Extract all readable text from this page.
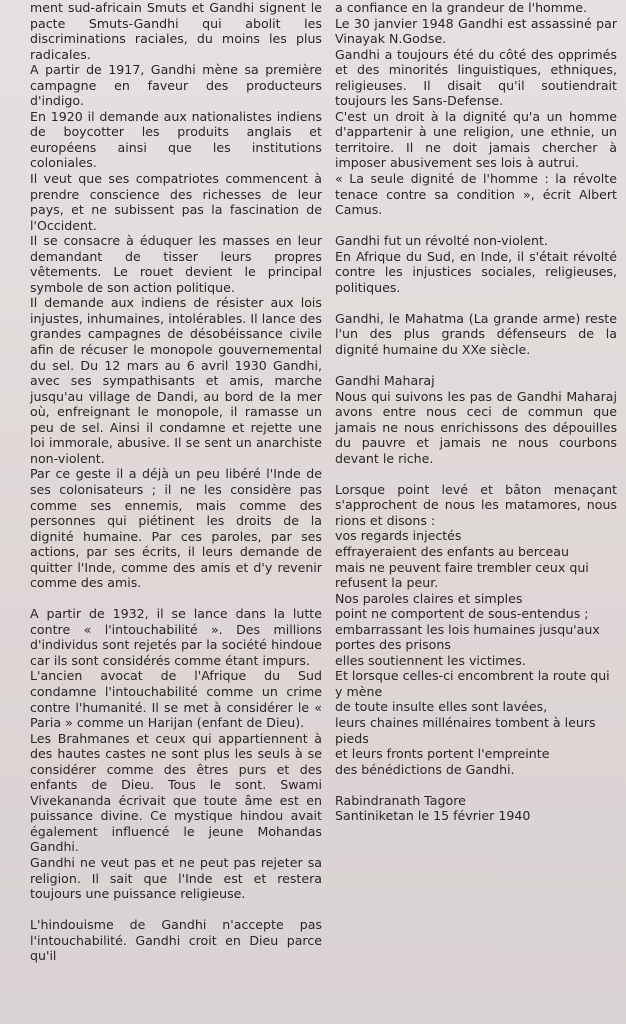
ment sud-africain Smuts et Gandhi signent le pacte Smuts-Gandhi qui abolit les discriminations raciales, du moins les plus radicales.

A partir de 1917, Gandhi mène sa première campagne en faveur des producteurs d'indigo.

En 1920 il demande aux nationalistes indiens de boycotter les produits anglais et européens ainsi que les institutions coloniales.

Il veut que ses compatriotes commencent à prendre conscience des richesses de leur pays, et ne subissent pas la fascination de l'Occident.

Il se consacre à éduquer les masses en leur demandant de tisser leurs propres vêtements. Le rouet devient le principal symbole de son action politique.

Il demande aux indiens de résister aux lois injustes, inhumaines, intolérables. Il lance des grandes campagnes de désobéissance civile afin de récuser le monopole gouvernemental du sel. Du 12 mars au 6 avril 1930 Gandhi, avec ses sympathisants et amis, marche jusqu'au village de Dandi, au bord de la mer où, enfreignant le monopole, il ramasse un peu de sel. Ainsi il condamne et rejette une loi immorale, abusive. Il se sent un anarchiste non-violent.

Par ce geste il a déjà un peu libéré l'Inde de ses colonisateurs ; il ne les considère pas comme ses ennemis, mais comme des personnes qui piétinent les droits de la dignité humaine. Par ces paroles, par ses actions, par ses écrits, il leurs demande de quitter l'Inde, comme des amis et d'y revenir comme des amis.

A partir de 1932, il se lance dans la lutte contre « l'intouchabilité ». Des millions d'individus sont rejetés par la société hindoue car ils sont considérés comme étant impurs.

L'ancien avocat de l'Afrique du Sud condamne l'intouchabilité comme un crime contre l'humanité. Il se met à considérer le « Paria » comme un Harijan (enfant de Dieu).

Les Brahmanes et ceux qui appartiennent à des hautes castes ne sont plus les seuls à se considérer comme des êtres purs et des enfants de Dieu. Tous le sont. Swami Vivekananda écrivait que toute âme est en puissance divine. Ce mystique hindou avait également influencé le jeune Mohandas Gandhi.

Gandhi ne veut pas et ne peut pas rejeter sa religion. Il sait que l'Inde est et restera toujours une puissance religieuse.

L'hindouisme de Gandhi n'accepte pas l'intouchabilité. Gandhi croit en Dieu parce qu'il

a confiance en la grandeur de l'homme.

Le 30 janvier 1948 Gandhi est assassiné par Vinayak N.Godse.

Gandhi a toujours été du côté des opprimés et des minorités linguistiques, ethniques, religieuses. Il disait qu'il soutiendrait toujours les Sans-Defense.

C'est un droit à la dignité qu'a un homme d'appartenir à une religion, une ethnie, un territoire. Il ne doit jamais chercher à imposer abusivement ses lois à autrui.

« La seule dignité de l'homme : la révolte tenace contre sa condition », écrit Albert Camus.

Gandhi fut un révolté non-violent.

En Afrique du Sud, en Inde, il s'était révolté contre les injustices sociales, religieuses, politiques.

Gandhi, le Mahatma (La grande arme) reste l'un des plus grands défenseurs de la dignité humaine du XXe siècle.

Gandhi Maharaj

Nous qui suivons les pas de Gandhi Maharaj avons entre nous ceci de commun que jamais ne nous enrichissons des dépouilles du pauvre et jamais ne nous courbons devant le riche.

Lorsque point levé et bâton menaçant s'approchent de nous les matamores, nous rions et disons :

vos regards injectés

effrayeraient des enfants au berceau

mais ne peuvent faire trembler ceux qui refusent la peur.

Nos paroles claires et simples

point ne comportent de sous-entendus ;

embarrassant les lois humaines jusqu'aux portes des prisons

elles soutiennent les victimes.

Et lorsque celles-ci encombrent la route qui y mène

de toute insulte elles sont lavées,

leurs chaines millénaires tombent à leurs pieds

et leurs fronts portent l'empreinte

des bénédictions de Gandhi.

Rabindranath Tagore

Santiniketan le 15 février 1940
